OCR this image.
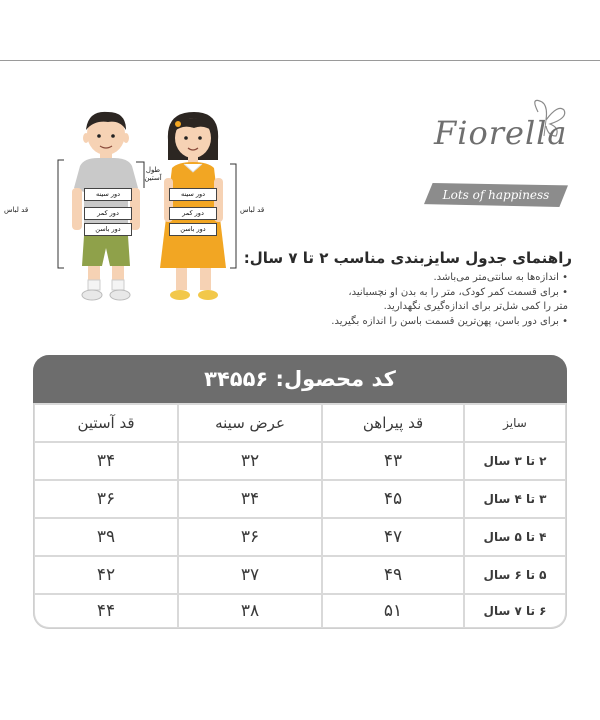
قد لباس
طول آستین
قد لباس
دور سینه
دور کمر
دور باسن
دور سینه
دور کمر
دور باسن
Fiorella
Lots of happiness
راهنمای جدول سایزبندی مناسب ۲ تا ۷ سال:
• اندازه‌ها به سانتی‌متر می‌باشد.
• برای قسمت کمر کودک، متر را به بدن او نچسبانید،
متر را کمی شل‌تر برای اندازه‌گیری نگهدارید.
• برای دور باسن، پهن‌ترین قسمت باسن را اندازه بگیرید.
کد محصول: ۳۴۵۵۶
سایز
قد پیراهن
عرض سینه
قد آستین
۲ تا ۳ سال
۴۳
۳۲
۳۴
۳ تا ۴ سال
۴۵
۳۴
۳۶
۴ تا ۵ سال
۴۷
۳۶
۳۹
۵ تا ۶ سال
۴۹
۳۷
۴۲
۶ تا ۷ سال
۵۱
۳۸
۴۴
